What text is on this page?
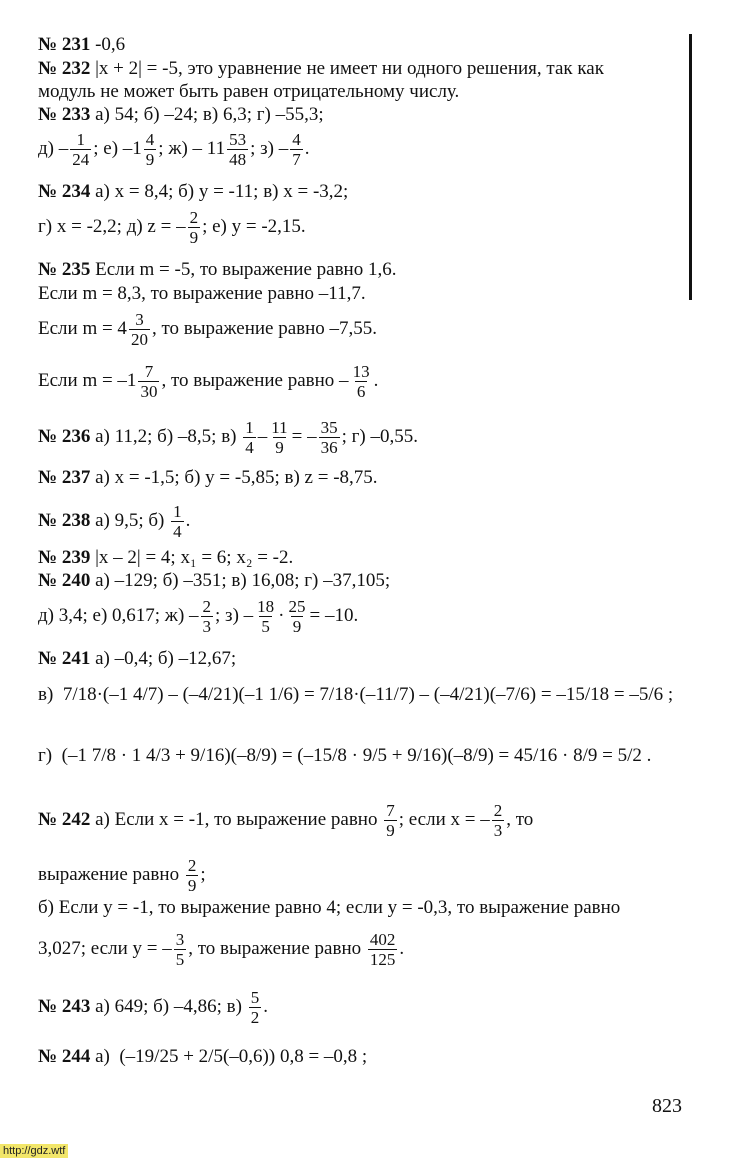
№ 231 -0,6
№ 232 |x + 2| = -5, это уравнение не имеет ни одного решения, так как
модуль не может быть равен отрицательному числу.
№ 233 а) 54; б) –24; в) 6,3; г) –55,3;
$д) - \frac{1}{24}$ ; е) $-1 \frac{4}{9}$ ; $ж) - 11 \frac{53}{48}$ ; $з) - \frac{4}{7}$ .
№ 234 а) x = 8,4; б) y = -11; в) x = -3,2;
г) x = -2,2; д) z = – $\frac{2}{9}$ ; е) y = -2,15.
№ 235 Если m = -5, то выражение равно 1,6.
Если m = 8,3, то выражение равно –11,7.
Если $m = 4 \frac{3}{20}$ , то выражение равно –7,55.
Если $m = -1 \frac{7}{30}$ , то выражение равно – $\frac{13}{6}$ .
№ 236 а) 11,2; б) –8,5; $в) \frac{1}{4} - \frac{11}{9}$ = – $\frac{35}{36}$ ; г) –0,55.
№ 237 а) x = -1,5; б) y = -5,85; в) z = -8,75.
№ 238 а) 9,5; $б) \frac{1}{4}$ .
№ 239 |x – 2| = 4; x₁ = 6; x₂ = -2.
№ 240 а) –129; б) –351; в) 16,08; г) –37,105;
д) 3,4; е) 0,617; $ж) - \frac{2}{3}$ ; $з) - \frac{18}{5} \cdot \frac{25}{9} = -10$.
№ 241 а) –0,4; б) –12,67;
в) 7/18·(–1 4/7) – (–4/21)(–1 1/6) = 7/18·(–11/7) – (–4/21)(–7/6) = –15/18 = –5/6 ;
г) (–1 7/8 · 1 4/3 + 9/16)(–8/9) = (–15/8 · 9/5 + 9/16)(–8/9) = 45/16 · 8/9 = 5/2 .
№ 242 а) Если x = -1, то выражение равно $\frac{7}{9}$ ; если x = – $\frac{2}{3}$ , то
выражение равно $\frac{2}{9}$ ;
б) Если y = -1, то выражение равно 4; если y = -0,3, то выражение равно
3,027; если y = – $\frac{3}{5}$ , то выражение равно $\frac{402}{125}$ .
№ 243 а) 649; б) –4,86; $в) \frac{5}{2}$ .
№ 244 а) (–19/25 + 2/5(–0,6)) 0,8 = –0,8 ;
823
http://gdz.wtf
